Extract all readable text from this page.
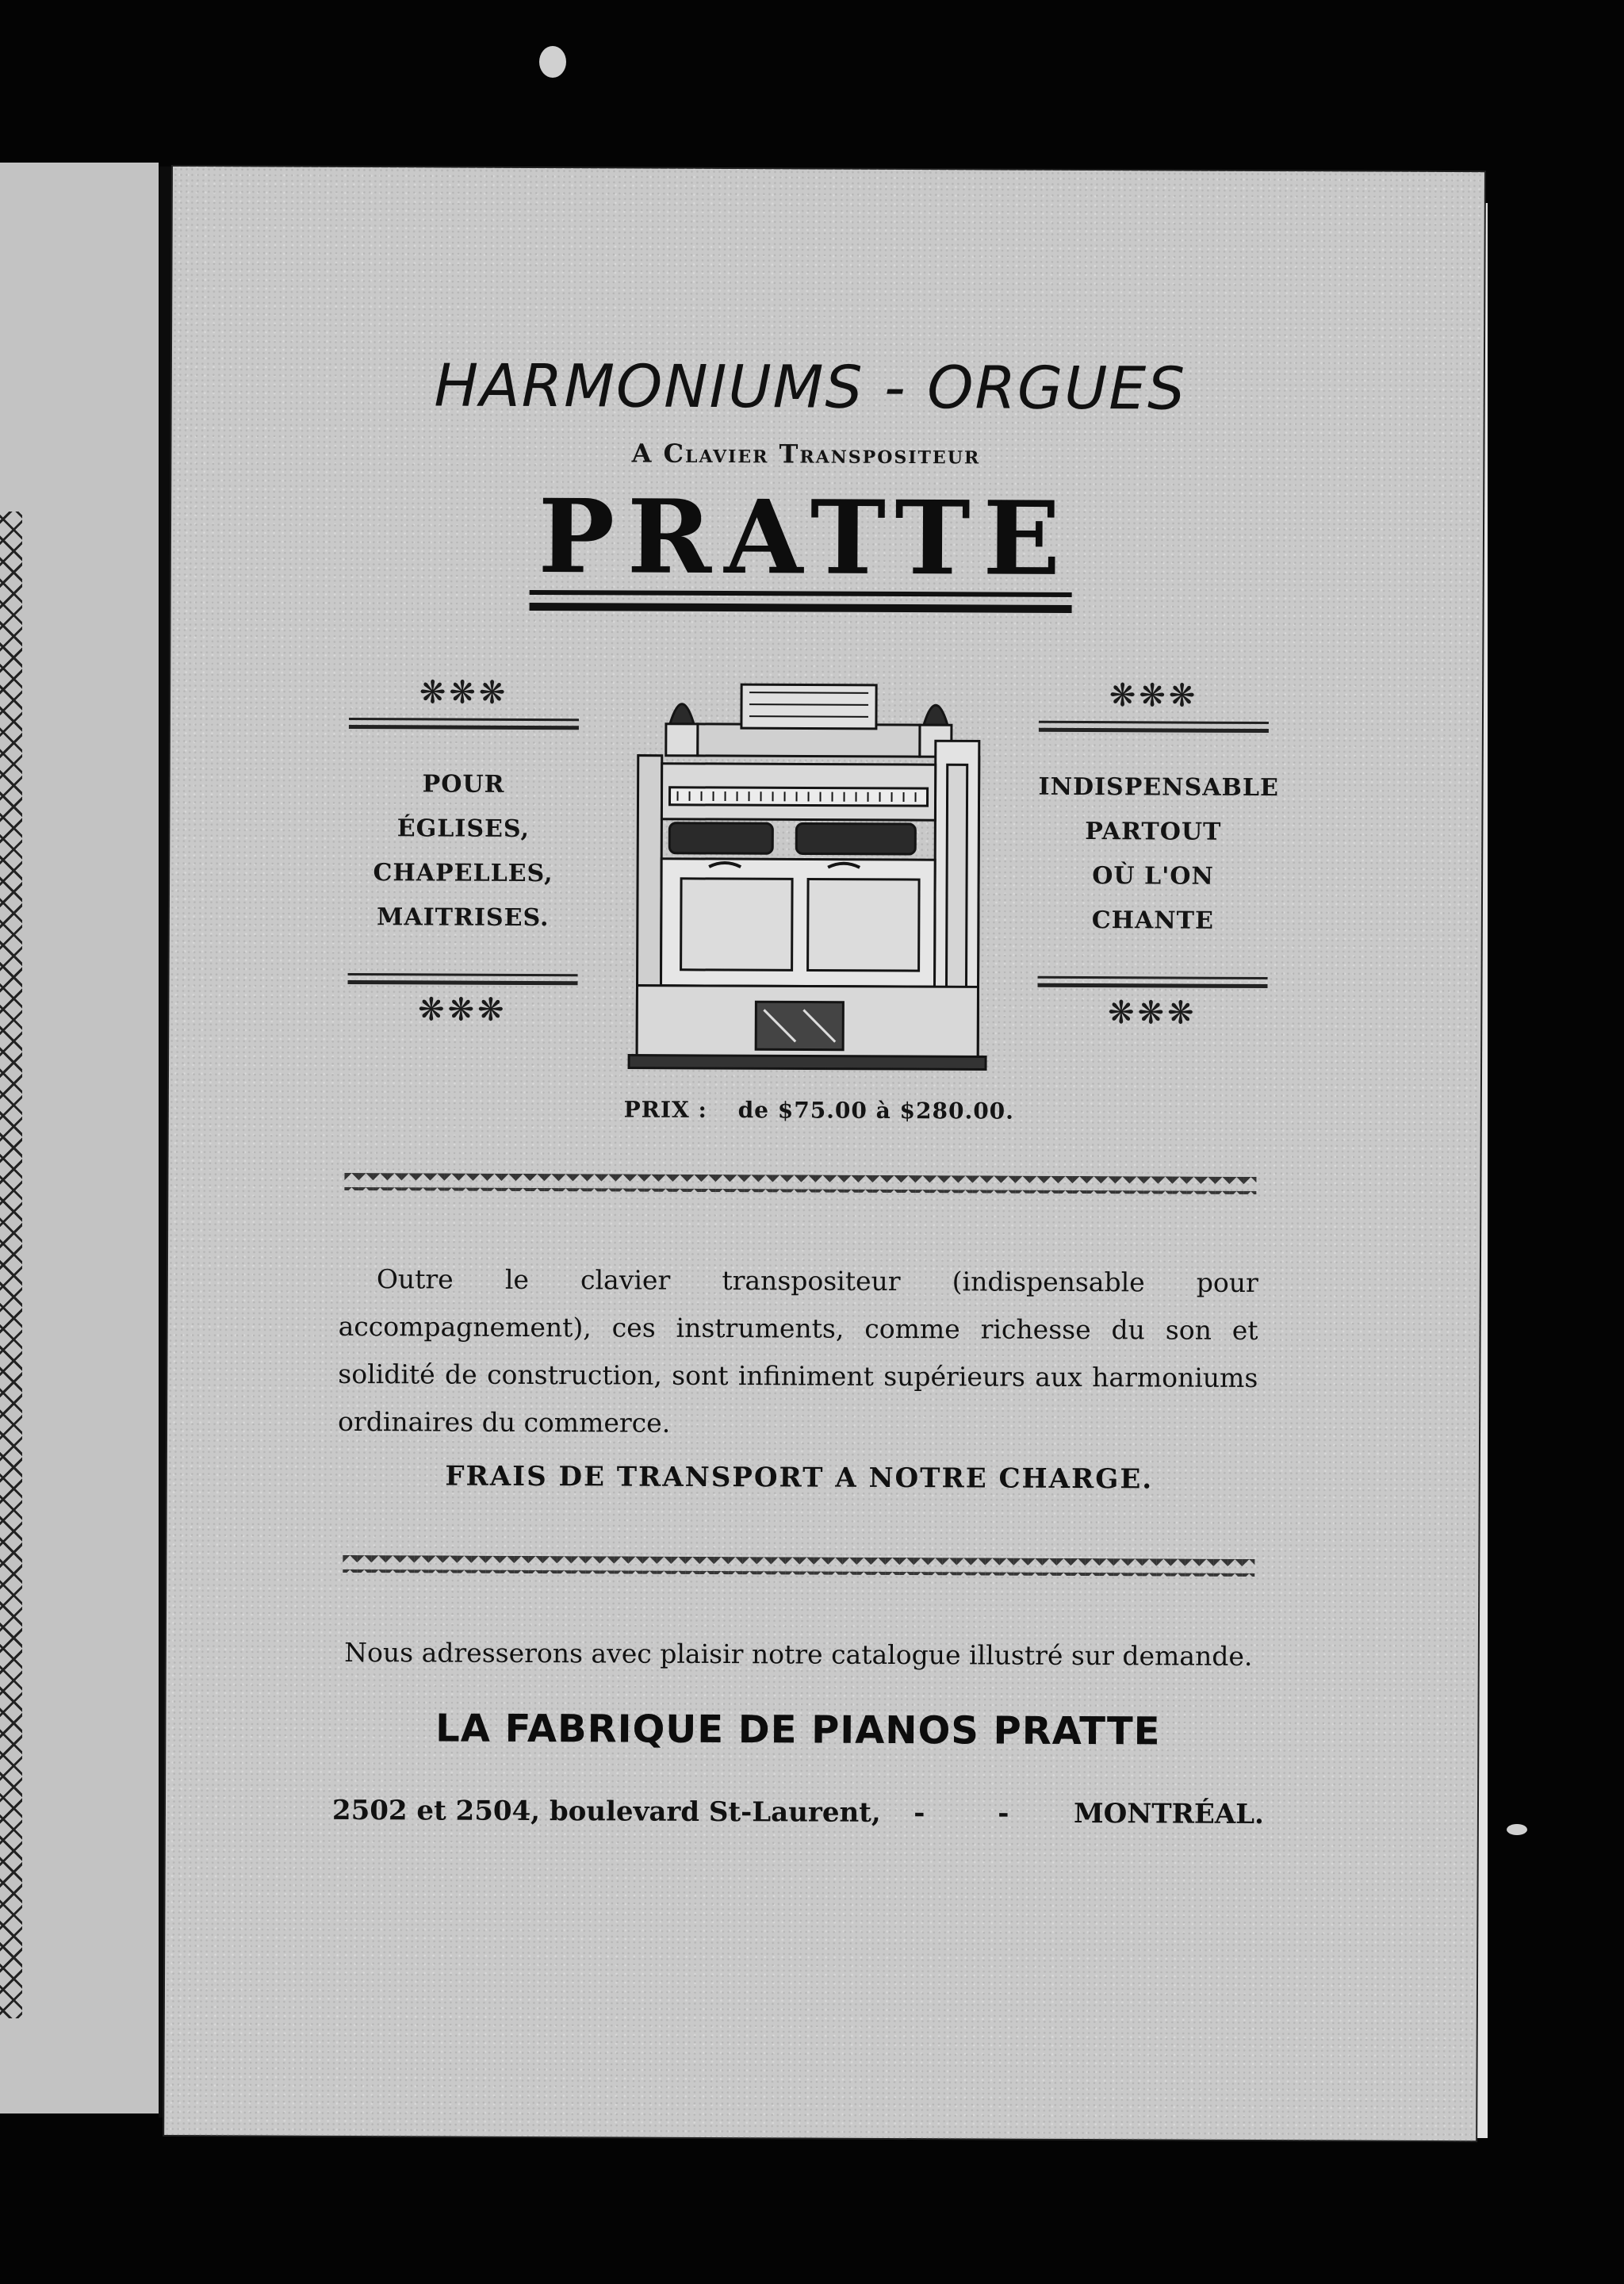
HARMONIUMS - ORGUES
A Clavier Transpositeur
PRATTE
❋❋❋
POUR
ÉGLISES,
CHAPELLES,
MAITRISES.
❋❋❋
❋❋❋
INDISPENSABLE
PARTOUT
OÙ L'ON
CHANTE
❋❋❋
PRIX : de $75.00 à $280.00.
Outre le clavier transpositeur (indispensable pour accompagnement), ces instruments, comme richesse du son et solidité de construction, sont infiniment supérieurs aux harmoniums ordinaires du commerce.
FRAIS DE TRANSPORT A NOTRE CHARGE.
Nous adresserons avec plaisir notre catalogue illustré sur demande.
LA FABRIQUE DE PIANOS PRATTE
2502 et 2504, boulevard St-Laurent, - - MONTRÉAL.
